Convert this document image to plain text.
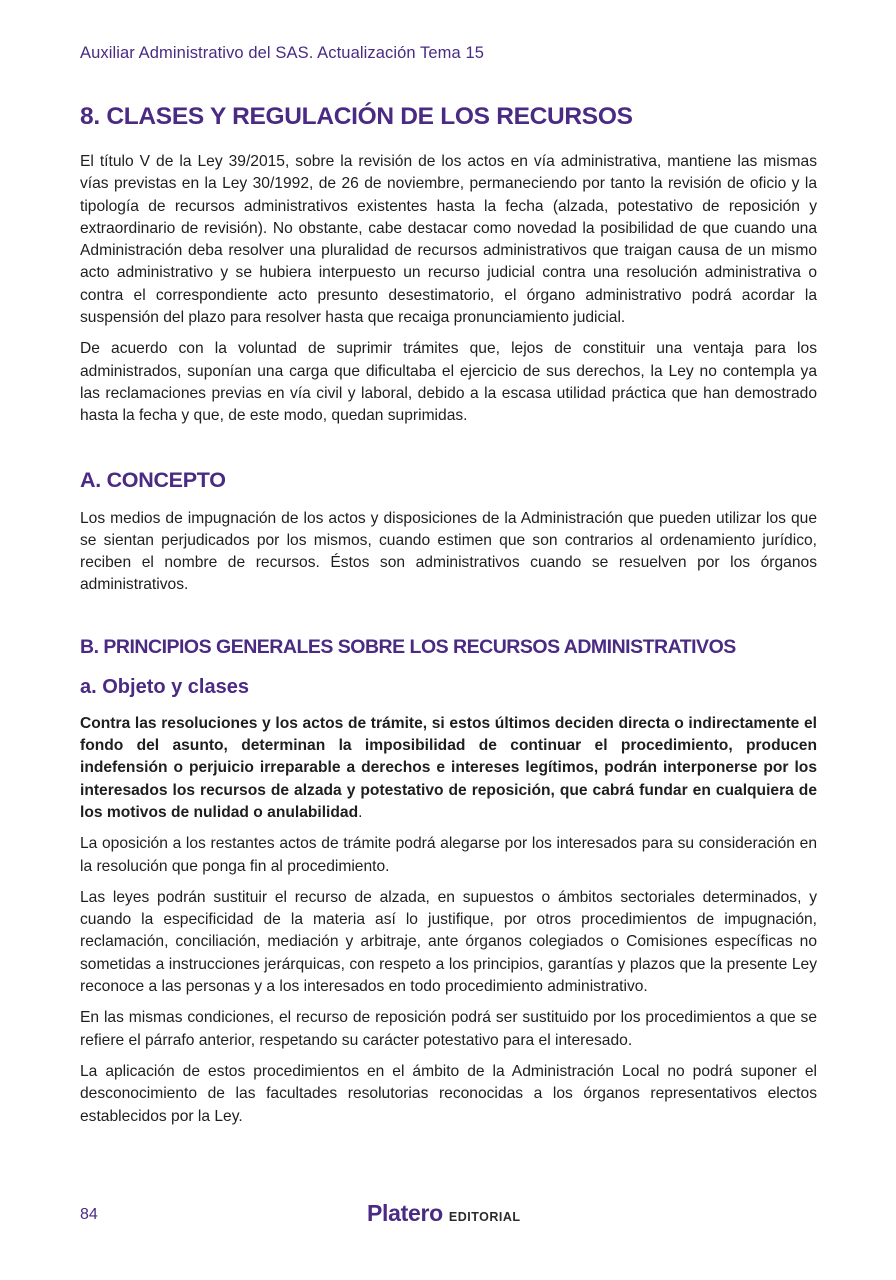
Auxiliar Administrativo del SAS. Actualización Tema 15
8. CLASES Y REGULACIÓN DE LOS RECURSOS

El título V de la Ley 39/2015, sobre la revisión de los actos en vía administrativa, mantiene las mismas vías previstas en la Ley 30/1992, de 26 de noviembre, permaneciendo por tanto la revisión de oficio y la tipología de recursos administrativos existentes hasta la fecha (alzada, potestativo de reposición y extraordinario de revisión). No obstante, cabe destacar como novedad la posibilidad de que cuando una Administración deba resolver una pluralidad de recursos administrativos que traigan causa de un mismo acto administrativo y se hubiera interpuesto un recurso judicial contra una resolución administrativa o contra el correspondiente acto presunto desestimatorio, el órgano administrativo podrá acordar la suspensión del plazo para resolver hasta que recaiga pronunciamiento judicial.

De acuerdo con la voluntad de suprimir trámites que, lejos de constituir una ventaja para los administrados, suponían una carga que dificultaba el ejercicio de sus derechos, la Ley no contempla ya las reclamaciones previas en vía civil y laboral, debido a la escasa utilidad práctica que han demostrado hasta la fecha y que, de este modo, quedan suprimidas.

A. CONCEPTO

Los medios de impugnación de los actos y disposiciones de la Administración que pueden utilizar los que se sientan perjudicados por los mismos, cuando estimen que son contrarios al ordenamiento jurídico, reciben el nombre de recursos. Éstos son administrativos cuando se resuelven por los órganos administrativos.

B. PRINCIPIOS GENERALES SOBRE LOS RECURSOS ADMINISTRATIVOS
a. Objeto y clases

Contra las resoluciones y los actos de trámite, si estos últimos deciden directa o indirectamente el fondo del asunto, determinan la imposibilidad de continuar el procedimiento, producen indefensión o perjuicio irreparable a derechos e intereses legítimos, podrán interponerse por los interesados los recursos de alzada y potestativo de reposición, que cabrá fundar en cualquiera de los motivos de nulidad o anulabilidad.

La oposición a los restantes actos de trámite podrá alegarse por los interesados para su consideración en la resolución que ponga fin al procedimiento.

Las leyes podrán sustituir el recurso de alzada, en supuestos o ámbitos sectoriales determinados, y cuando la especificidad de la materia así lo justifique, por otros procedimientos de impugnación, reclamación, conciliación, mediación y arbitraje, ante órganos colegiados o Comisiones específicas no sometidas a instrucciones jerárquicas, con respeto a los principios, garantías y plazos que la presente Ley reconoce a las personas y a los interesados en todo procedimiento administrativo.

En las mismas condiciones, el recurso de reposición podrá ser sustituido por los procedimientos a que se refiere el párrafo anterior, respetando su carácter potestativo para el interesado.

La aplicación de estos procedimientos en el ámbito de la Administración Local no podrá suponer el desconocimiento de las facultades resolutorias reconocidas a los órganos representativos electos establecidos por la Ley.

84	Platero EDITORIAL
